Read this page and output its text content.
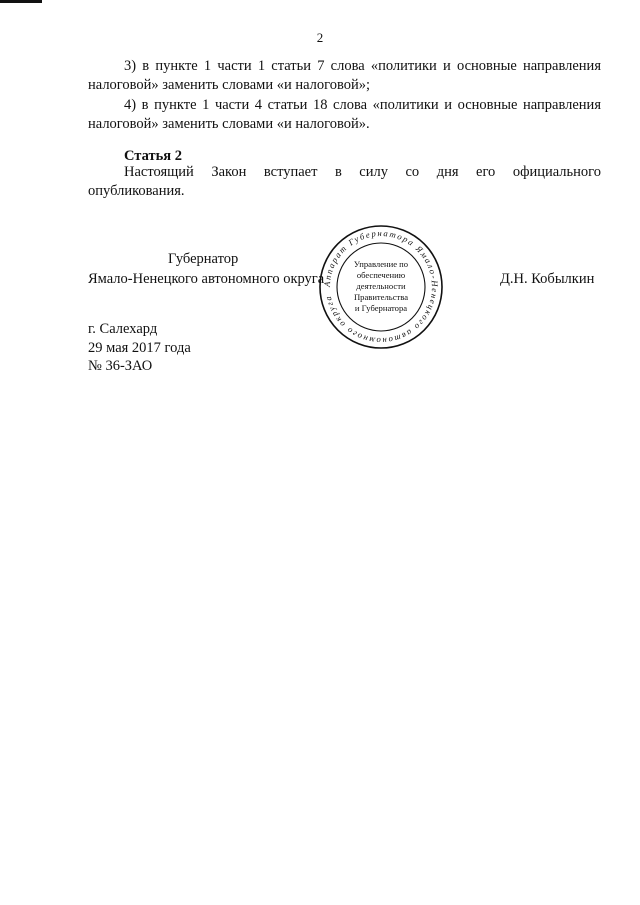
2

3) в пункте 1 части 1 статьи 7 слова «политики и основные направления
налоговой» заменить словами «и налоговой»;

4) в пункте 1 части 4 статьи 18 слова «политики и основные направления
налоговой» заменить словами «и налоговой».

Статья 2

Настоящий Закон вступает в силу со дня его официального
опубликования.

Губернатор
Ямало-Ненецкого автономного округа	Д.Н. Кобылкин
Аппарат Губернатора Ямало-Ненецкого автономного округа
Управление по
обеспечению
деятельности
Правительства
и Губернатора
г. Салехард
29 мая 2017 года
№ 36-ЗАО
